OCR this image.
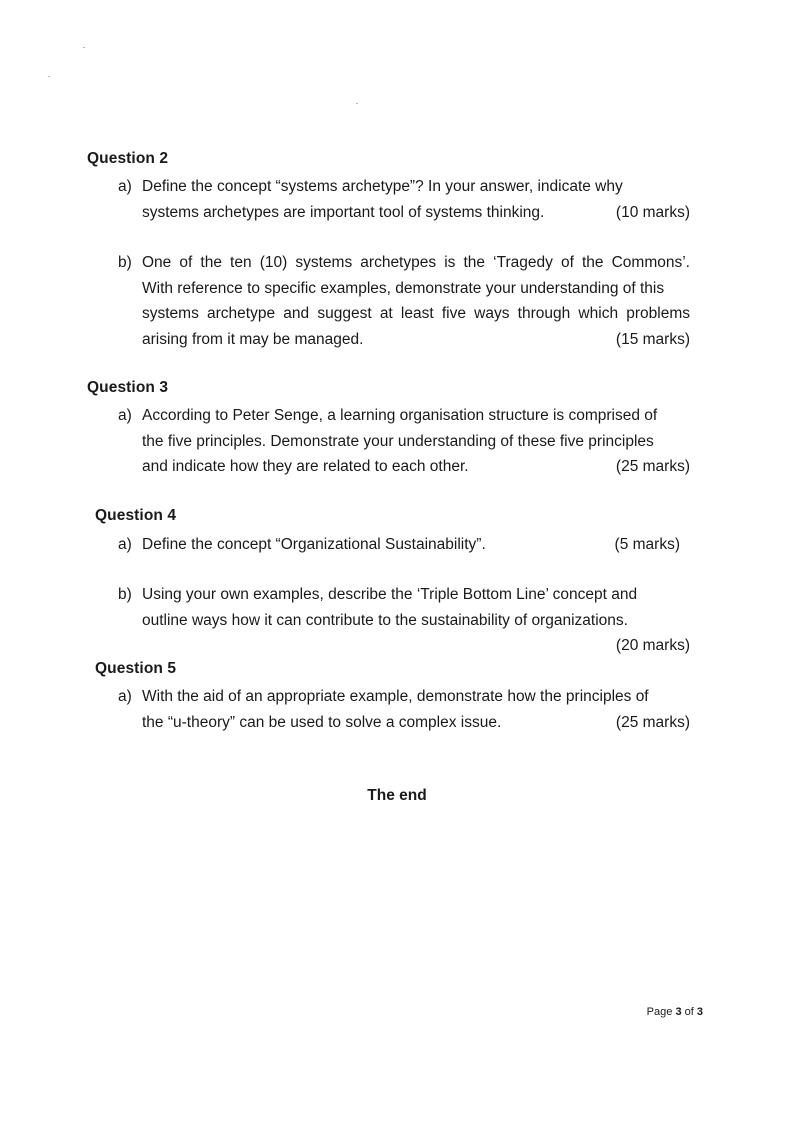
Question 2
a) Define the concept “systems archetype”? In your answer, indicate why
systems archetypes are important tool of systems thinking.	(10 marks)
b) One of the ten (10) systems archetypes is the ‘Tragedy of the Commons’.
With reference to specific examples, demonstrate your understanding of this
systems archetype and suggest at least five ways through which problems
arising from it may be managed.	(15 marks)
Question 3
a) According to Peter Senge, a learning organisation structure is comprised of
the five principles. Demonstrate your understanding of these five principles
and indicate how they are related to each other.	(25 marks)
Question 4
a) Define the concept “Organizational Sustainability”.	(5 marks)
b) Using your own examples, describe the ‘Triple Bottom Line’ concept and
outline ways how it can contribute to the sustainability of organizations.
(20 marks)
Question 5
a) With the aid of an appropriate example, demonstrate how the principles of
the “u-theory” can be used to solve a complex issue.	(25 marks)
The end
Page 3 of 3
